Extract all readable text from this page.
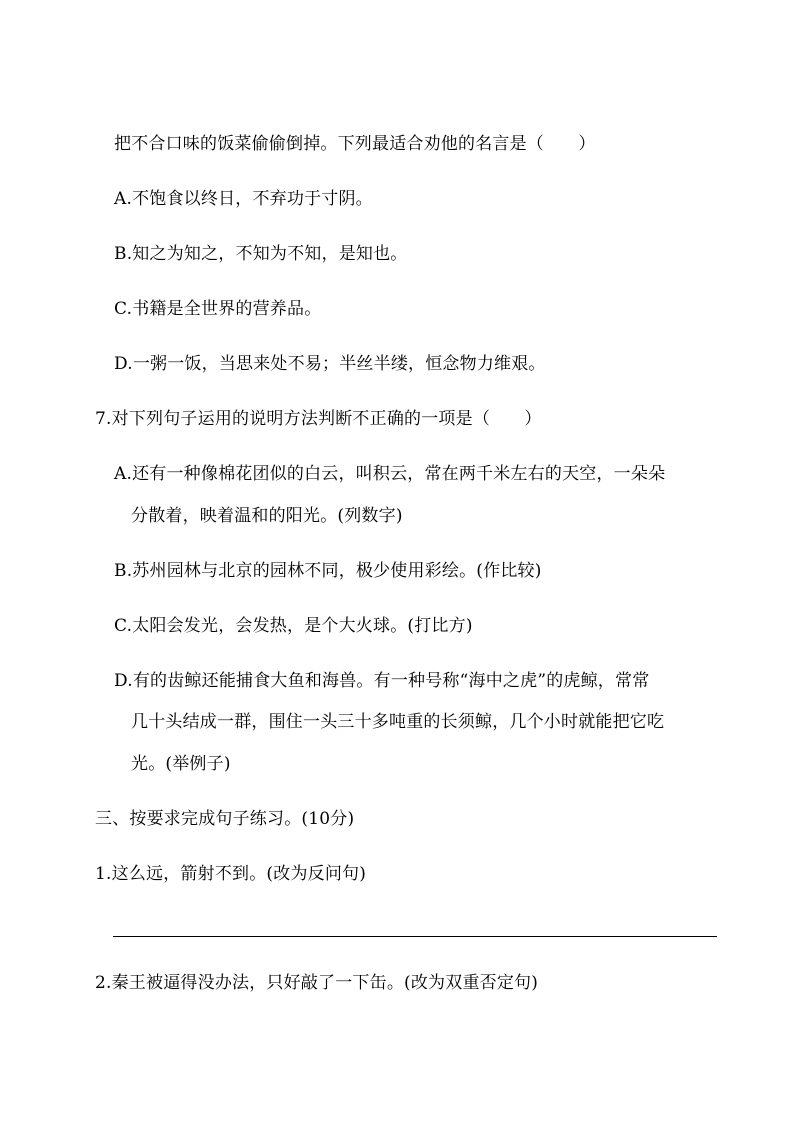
把不合口味的饭菜偷偷倒掉。下列最适合劝他的名言是（　　）
A.不饱食以终日，不弃功于寸阴。
B.知之为知之，不知为不知，是知也。
C.书籍是全世界的营养品。
D.一粥一饭，当思来处不易；半丝半缕，恒念物力维艰。
7.对下列句子运用的说明方法判断不正确的一项是（　　）
A.还有一种像棉花团似的白云，叫积云，常在两千米左右的天空，一朵朵
分散着，映着温和的阳光。(列数字)
B.苏州园林与北京的园林不同，极少使用彩绘。(作比较)
C.太阳会发光，会发热，是个大火球。(打比方)
D.有的齿鲸还能捕食大鱼和海兽。有一种号称“海中之虎”的虎鲸，常常
几十头结成一群，围住一头三十多吨重的长须鲸，几个小时就能把它吃
光。(举例子)
三、按要求完成句子练习。(10分)
1.这么远，箭射不到。(改为反问句)
2.秦王被逼得没办法，只好敲了一下缶。(改为双重否定句)
